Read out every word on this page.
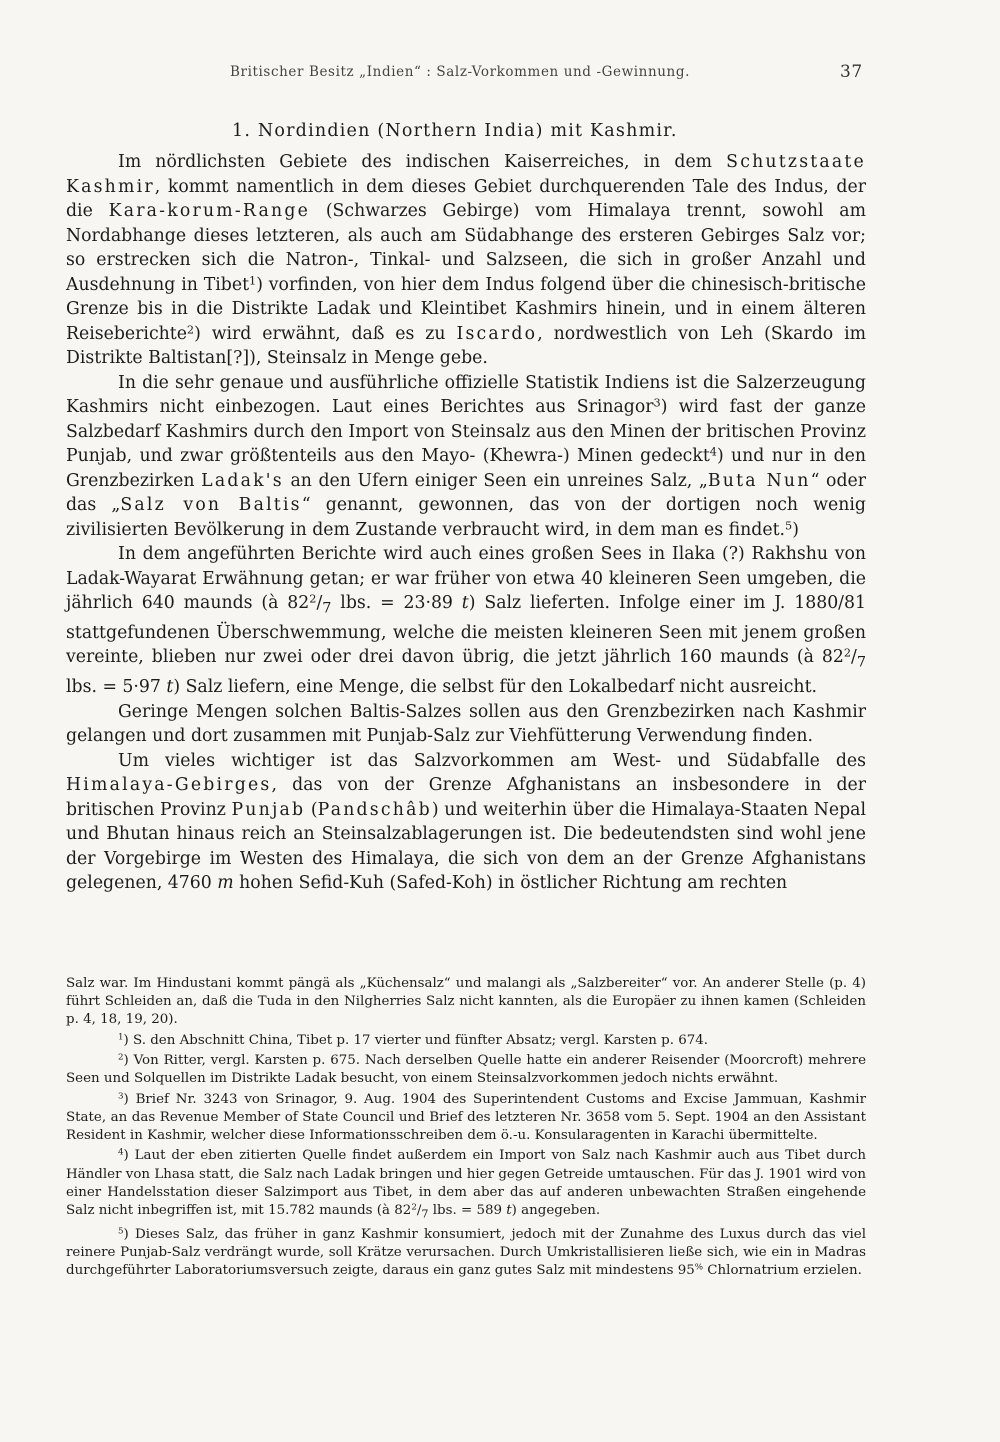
Britischer Besitz „Indien“ : Salz-Vorkommen und -Gewinnung.	37
1. Nordindien (Northern India) mit Kashmir.

Im nördlichsten Gebiete des indischen Kaiserreiches, in dem Schutzstaate Kashmir, kommt namentlich in dem dieses Gebiet durchquerenden Tale des Indus, der die Kara-korum-Range (Schwarzes Gebirge) vom Himalaya trennt, sowohl am Nordabhange dieses letzteren, als auch am Südabhange des ersteren Gebirges Salz vor; so erstrecken sich die Natron-, Tinkal- und Salzseen, die sich in großer Anzahl und Ausdehnung in Tibet$^1$) vorfinden, von hier dem Indus folgend über die chinesisch-britische Grenze bis in die Distrikte Ladak und Kleintibet Kashmirs hinein, und in einem älteren Reiseberichte$^2$) wird erwähnt, daß es zu Iscardo, nordwestlich von Leh (Skardo im Distrikte Baltistan[?]), Steinsalz in Menge gebe.

In die sehr genaue und ausführliche offizielle Statistik Indiens ist die Salzerzeugung Kashmirs nicht einbezogen. Laut eines Berichtes aus Srinagor$^3$) wird fast der ganze Salzbedarf Kashmirs durch den Import von Steinsalz aus den Minen der britischen Provinz Punjab, und zwar größtenteils aus den Mayo- (Khewra-) Minen gedeckt$^4$) und nur in den Grenzbezirken Ladak's an den Ufern einiger Seen ein unreines Salz, „Buta Nun“ oder das „Salz von Baltis“ genannt, gewonnen, das von der dortigen noch wenig zivilisierten Bevölkerung in dem Zustande verbraucht wird, in dem man es findet.$^5$)

In dem angeführten Berichte wird auch eines großen Sees in Ilaka (?) Rakhshu von Ladak-Wayarat Erwähnung getan; er war früher von etwa 40 kleineren Seen umgeben, die jährlich 640 maunds (à $82^2/_7$ lbs. = 23·89 t) Salz lieferten. Infolge einer im J. 1880/81 stattgefundenen Überschwemmung, welche die meisten kleineren Seen mit jenem großen vereinte, blieben nur zwei oder drei davon übrig, die jetzt jährlich 160 maunds (à $82^2/_7$ lbs. = 5·97 t) Salz liefern, eine Menge, die selbst für den Lokalbedarf nicht ausreicht.

Geringe Mengen solchen Baltis-Salzes sollen aus den Grenzbezirken nach Kashmir gelangen und dort zusammen mit Punjab-Salz zur Viehfütterung Verwendung finden.

Um vieles wichtiger ist das Salzvorkommen am West- und Südabfalle des Himalaya-Gebirges, das von der Grenze Afghanistans an insbesondere in der britischen Provinz Punjab (Pandschâb) und weiterhin über die Himalaya-Staaten Nepal und Bhutan hinaus reich an Steinsalzablagerungen ist. Die bedeutendsten sind wohl jene der Vorgebirge im Westen des Himalaya, die sich von dem an der Grenze Afghanistans gelegenen, 4760 m hohen Sefid-Kuh (Safed-Koh) in östlicher Richtung am rechten

Salz war. Im Hindustani kommt pängä als „Küchensalz“ und malangi als „Salzbereiter“ vor. An anderer Stelle (p. 4) führt Schleiden an, daß die Tuda in den Nilgherries Salz nicht kannten, als die Europäer zu ihnen kamen (Schleiden p. 4, 18, 19, 20).

$^1$) S. den Abschnitt China, Tibet p. 17 vierter und fünfter Absatz; vergl. Karsten p. 674.

$^2$) Von Ritter, vergl. Karsten p. 675. Nach derselben Quelle hatte ein anderer Reisender (Moorcroft) mehrere Seen und Solquellen im Distrikte Ladak besucht, von einem Steinsalzvorkommen jedoch nichts erwähnt.

$^3$) Brief Nr. 3243 von Srinagor, 9. Aug. 1904 des Superintendent Customs and Excise Jammuan, Kashmir State, an das Revenue Member of State Council und Brief des letzteren Nr. 3658 vom 5. Sept. 1904 an den Assistant Resident in Kashmir, welcher diese Informationsschreiben dem ö.-u. Konsularagenten in Karachi übermittelte.

$^4$) Laut der eben zitierten Quelle findet außerdem ein Import von Salz nach Kashmir auch aus Tibet durch Händler von Lhasa statt, die Salz nach Ladak bringen und hier gegen Getreide umtauschen. Für das J. 1901 wird von einer Handelsstation dieser Salzimport aus Tibet, in dem aber das auf anderen unbewachten Straßen eingehende Salz nicht inbegriffen ist, mit 15.782 maunds (à $82^2/_7$ lbs. = 589 t) angegeben.

$^5$) Dieses Salz, das früher in ganz Kashmir konsumiert, jedoch mit der Zunahme des Luxus durch das viel reinere Punjab-Salz verdrängt wurde, soll Krätze verursachen. Durch Umkristallisieren ließe sich, wie ein in Madras durchgeführter Laboratoriumsversuch zeigte, daraus ein ganz gutes Salz mit mindestens 95% Chlornatrium erzielen.
